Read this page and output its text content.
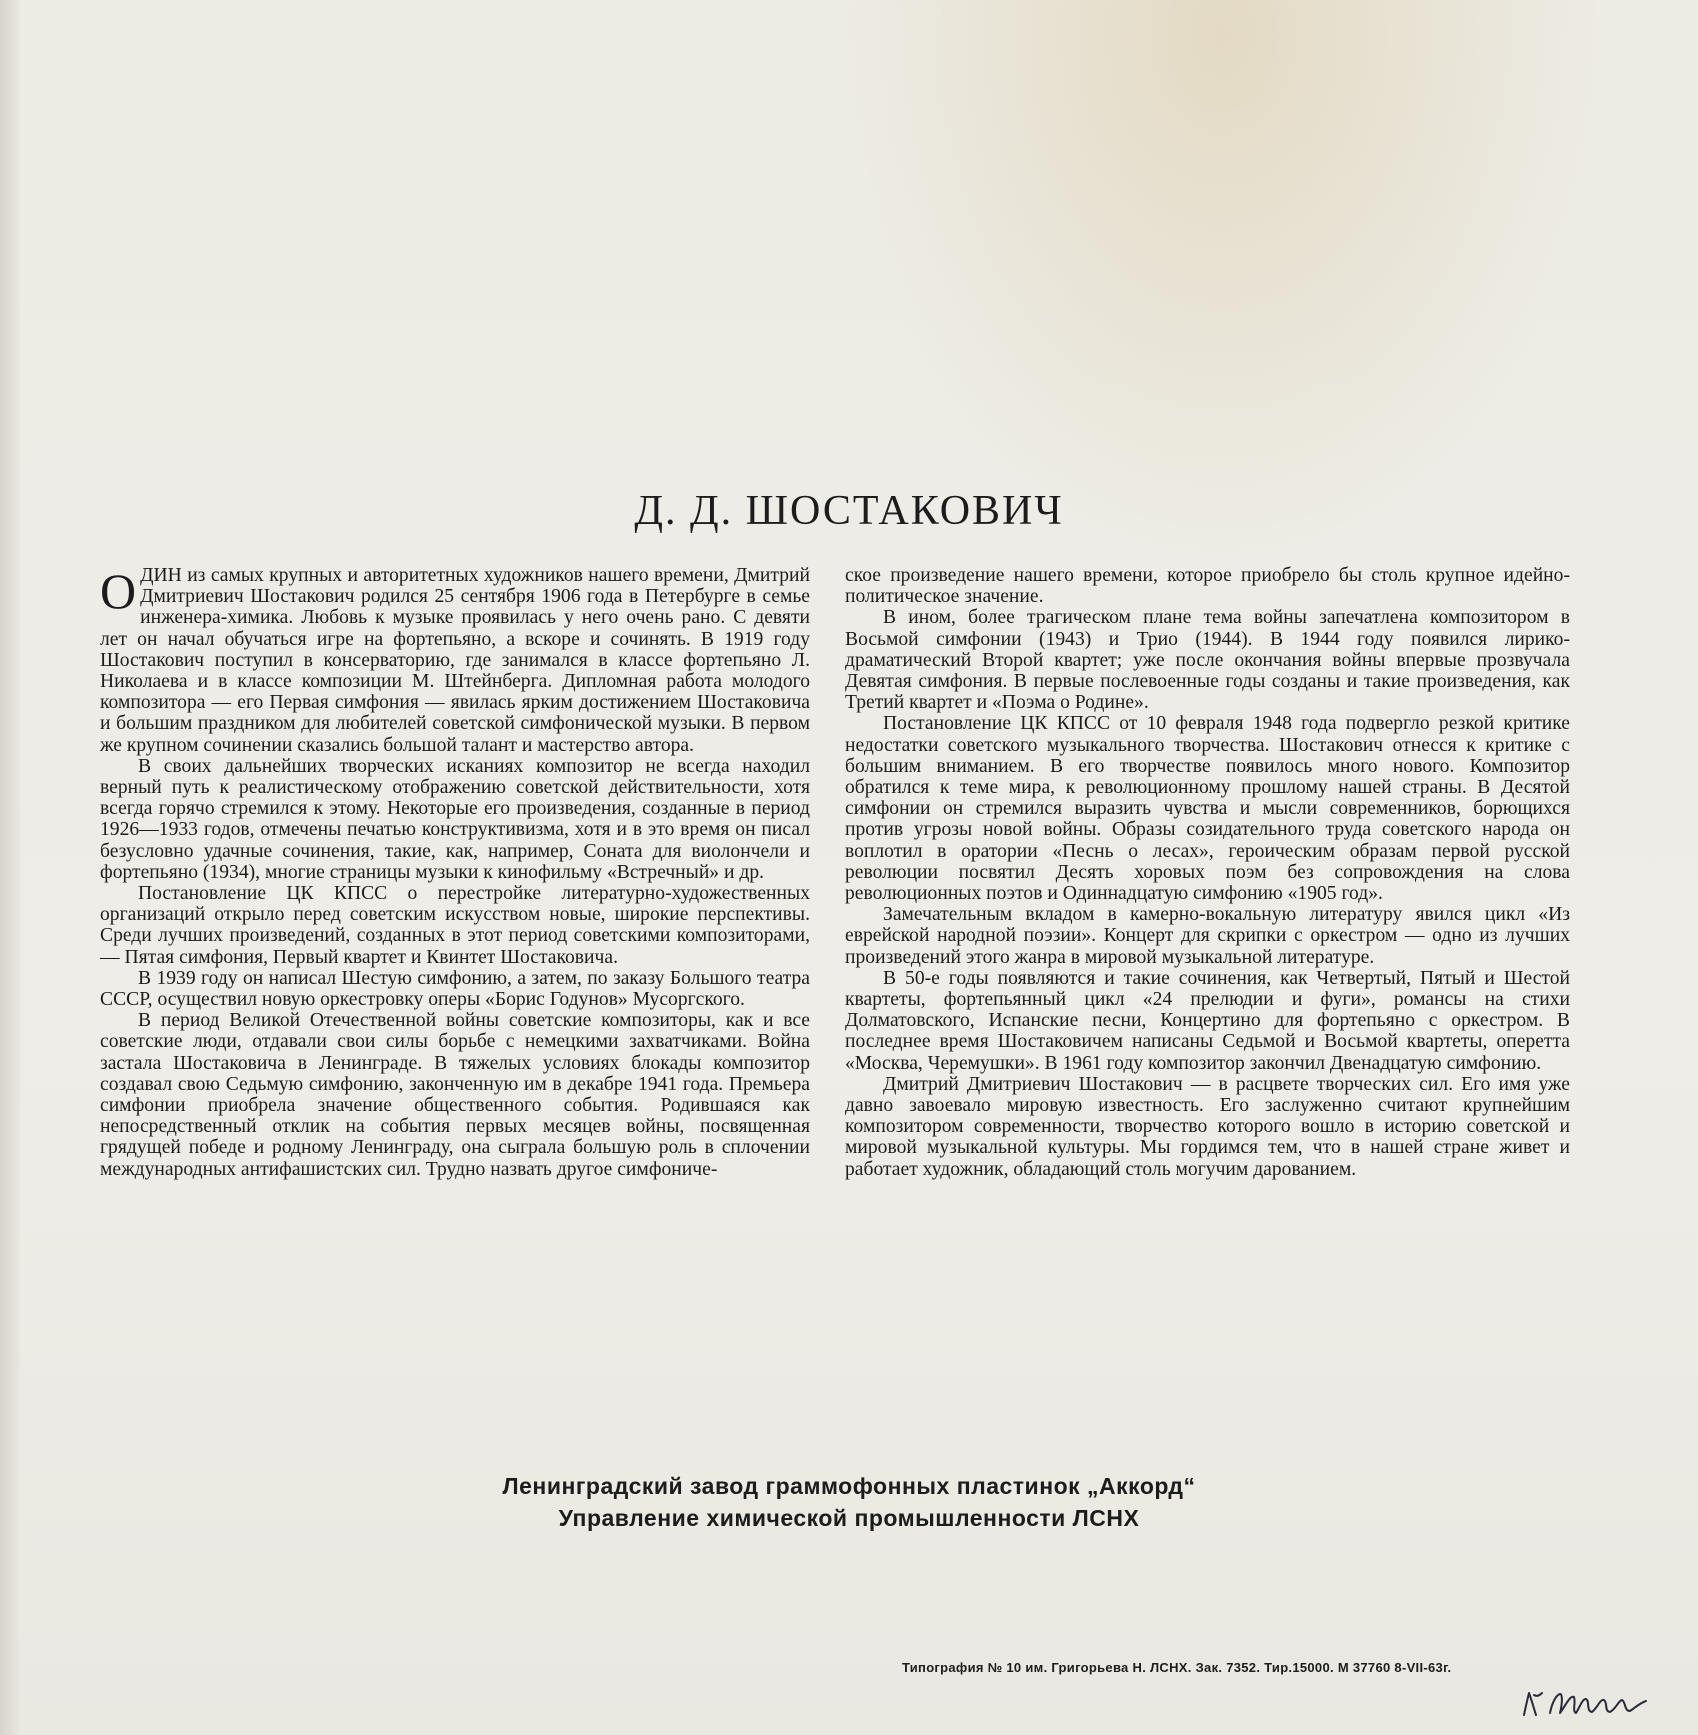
Д. Д. ШОСТАКОВИЧ

ОДИН из самых крупных и авторитетных художников нашего времени, Дмитрий Дмитриевич Шостакович родился 25 сентября 1906 года в Петербурге в семье инженера-химика. Любовь к музыке проявилась у него очень рано. С девяти лет он начал обучаться игре на фортепьяно, а вскоре и сочинять. В 1919 году Шостакович поступил в консерваторию, где занимался в классе фортепьяно Л. Николаева и в классе композиции М. Штейнберга. Дипломная работа молодого композитора — его Первая симфония — явилась ярким достижением Шостаковича и большим праздником для любителей советской симфонической музыки. В первом же крупном сочинении сказались большой талант и мастерство автора.

В своих дальнейших творческих исканиях композитор не всегда находил верный путь к реалистическому отображению советской действительности, хотя всегда горячо стремился к этому. Некоторые его произведения, созданные в период 1926—1933 годов, отмечены печатью конструктивизма, хотя и в это время он писал безусловно удачные сочинения, такие, как, например, Соната для виолончели и фортепьяно (1934), многие страницы музыки к кинофильму «Встречный» и др.

Постановление ЦК КПСС о перестройке литературно-художественных организаций открыло перед советским искусством новые, широкие перспективы. Среди лучших произведений, созданных в этот период советскими композиторами, — Пятая симфония, Первый квартет и Квинтет Шостаковича.

В 1939 году он написал Шестую симфонию, а затем, по заказу Большого театра СССР, осуществил новую оркестровку оперы «Борис Годунов» Мусоргского.

В период Великой Отечественной войны советские композиторы, как и все советские люди, отдавали свои силы борьбе с немецкими захватчиками. Война застала Шостаковича в Ленинграде. В тяжелых условиях блокады композитор создавал свою Седьмую симфонию, законченную им в декабре 1941 года. Премьера симфонии приобрела значение общественного события. Родившаяся как непосредственный отклик на события первых месяцев войны, посвященная грядущей победе и родному Ленинграду, она сыграла большую роль в сплочении международных антифашистских сил. Трудно назвать другое симфониче-

ское произведение нашего времени, которое приобрело бы столь крупное идейно-политическое значение.

В ином, более трагическом плане тема войны запечатлена композитором в Восьмой симфонии (1943) и Трио (1944). В 1944 году появился лирико-драматический Второй квартет; уже после окончания войны впервые прозвучала Девятая симфония. В первые послевоенные годы созданы и такие произведения, как Третий квартет и «Поэма о Родине».

Постановление ЦК КПСС от 10 февраля 1948 года подвергло резкой критике недостатки советского музыкального творчества. Шостакович отнесся к критике с большим вниманием. В его творчестве появилось много нового. Композитор обратился к теме мира, к революционному прошлому нашей страны. В Десятой симфонии он стремился выразить чувства и мысли современников, борющихся против угрозы новой войны. Образы созидательного труда советского народа он воплотил в оратории «Песнь о лесах», героическим образам первой русской революции посвятил Десять хоровых поэм без сопровождения на слова революционных поэтов и Одиннадцатую симфонию «1905 год».

Замечательным вкладом в камерно-вокальную литературу явился цикл «Из еврейской народной поэзии». Концерт для скрипки с оркестром — одно из лучших произведений этого жанра в мировой музыкальной литературе.

В 50-е годы появляются и такие сочинения, как Четвертый, Пятый и Шестой квартеты, фортепьянный цикл «24 прелюдии и фуги», романсы на стихи Долматовского, Испанские песни, Концертино для фортепьяно с оркестром. В последнее время Шостаковичем написаны Седьмой и Восьмой квартеты, оперетта «Москва, Черемушки». В 1961 году композитор закончил Двенадцатую симфонию.

Дмитрий Дмитриевич Шостакович — в расцвете творческих сил. Его имя уже давно завоевало мировую известность. Его заслуженно считают крупнейшим композитором современности, творчество которого вошло в историю советской и мировой музыкальной культуры. Мы гордимся тем, что в нашей стране живет и работает художник, обладающий столь могучим дарованием.

Ленинградский завод граммофонных пластинок „Аккорд“
Управление химической промышленности ЛСНХ
Типография № 10 им. Григорьева Н. ЛСНХ. Зак. 7352. Тир.15000. М 37760 8-VII-63г.
